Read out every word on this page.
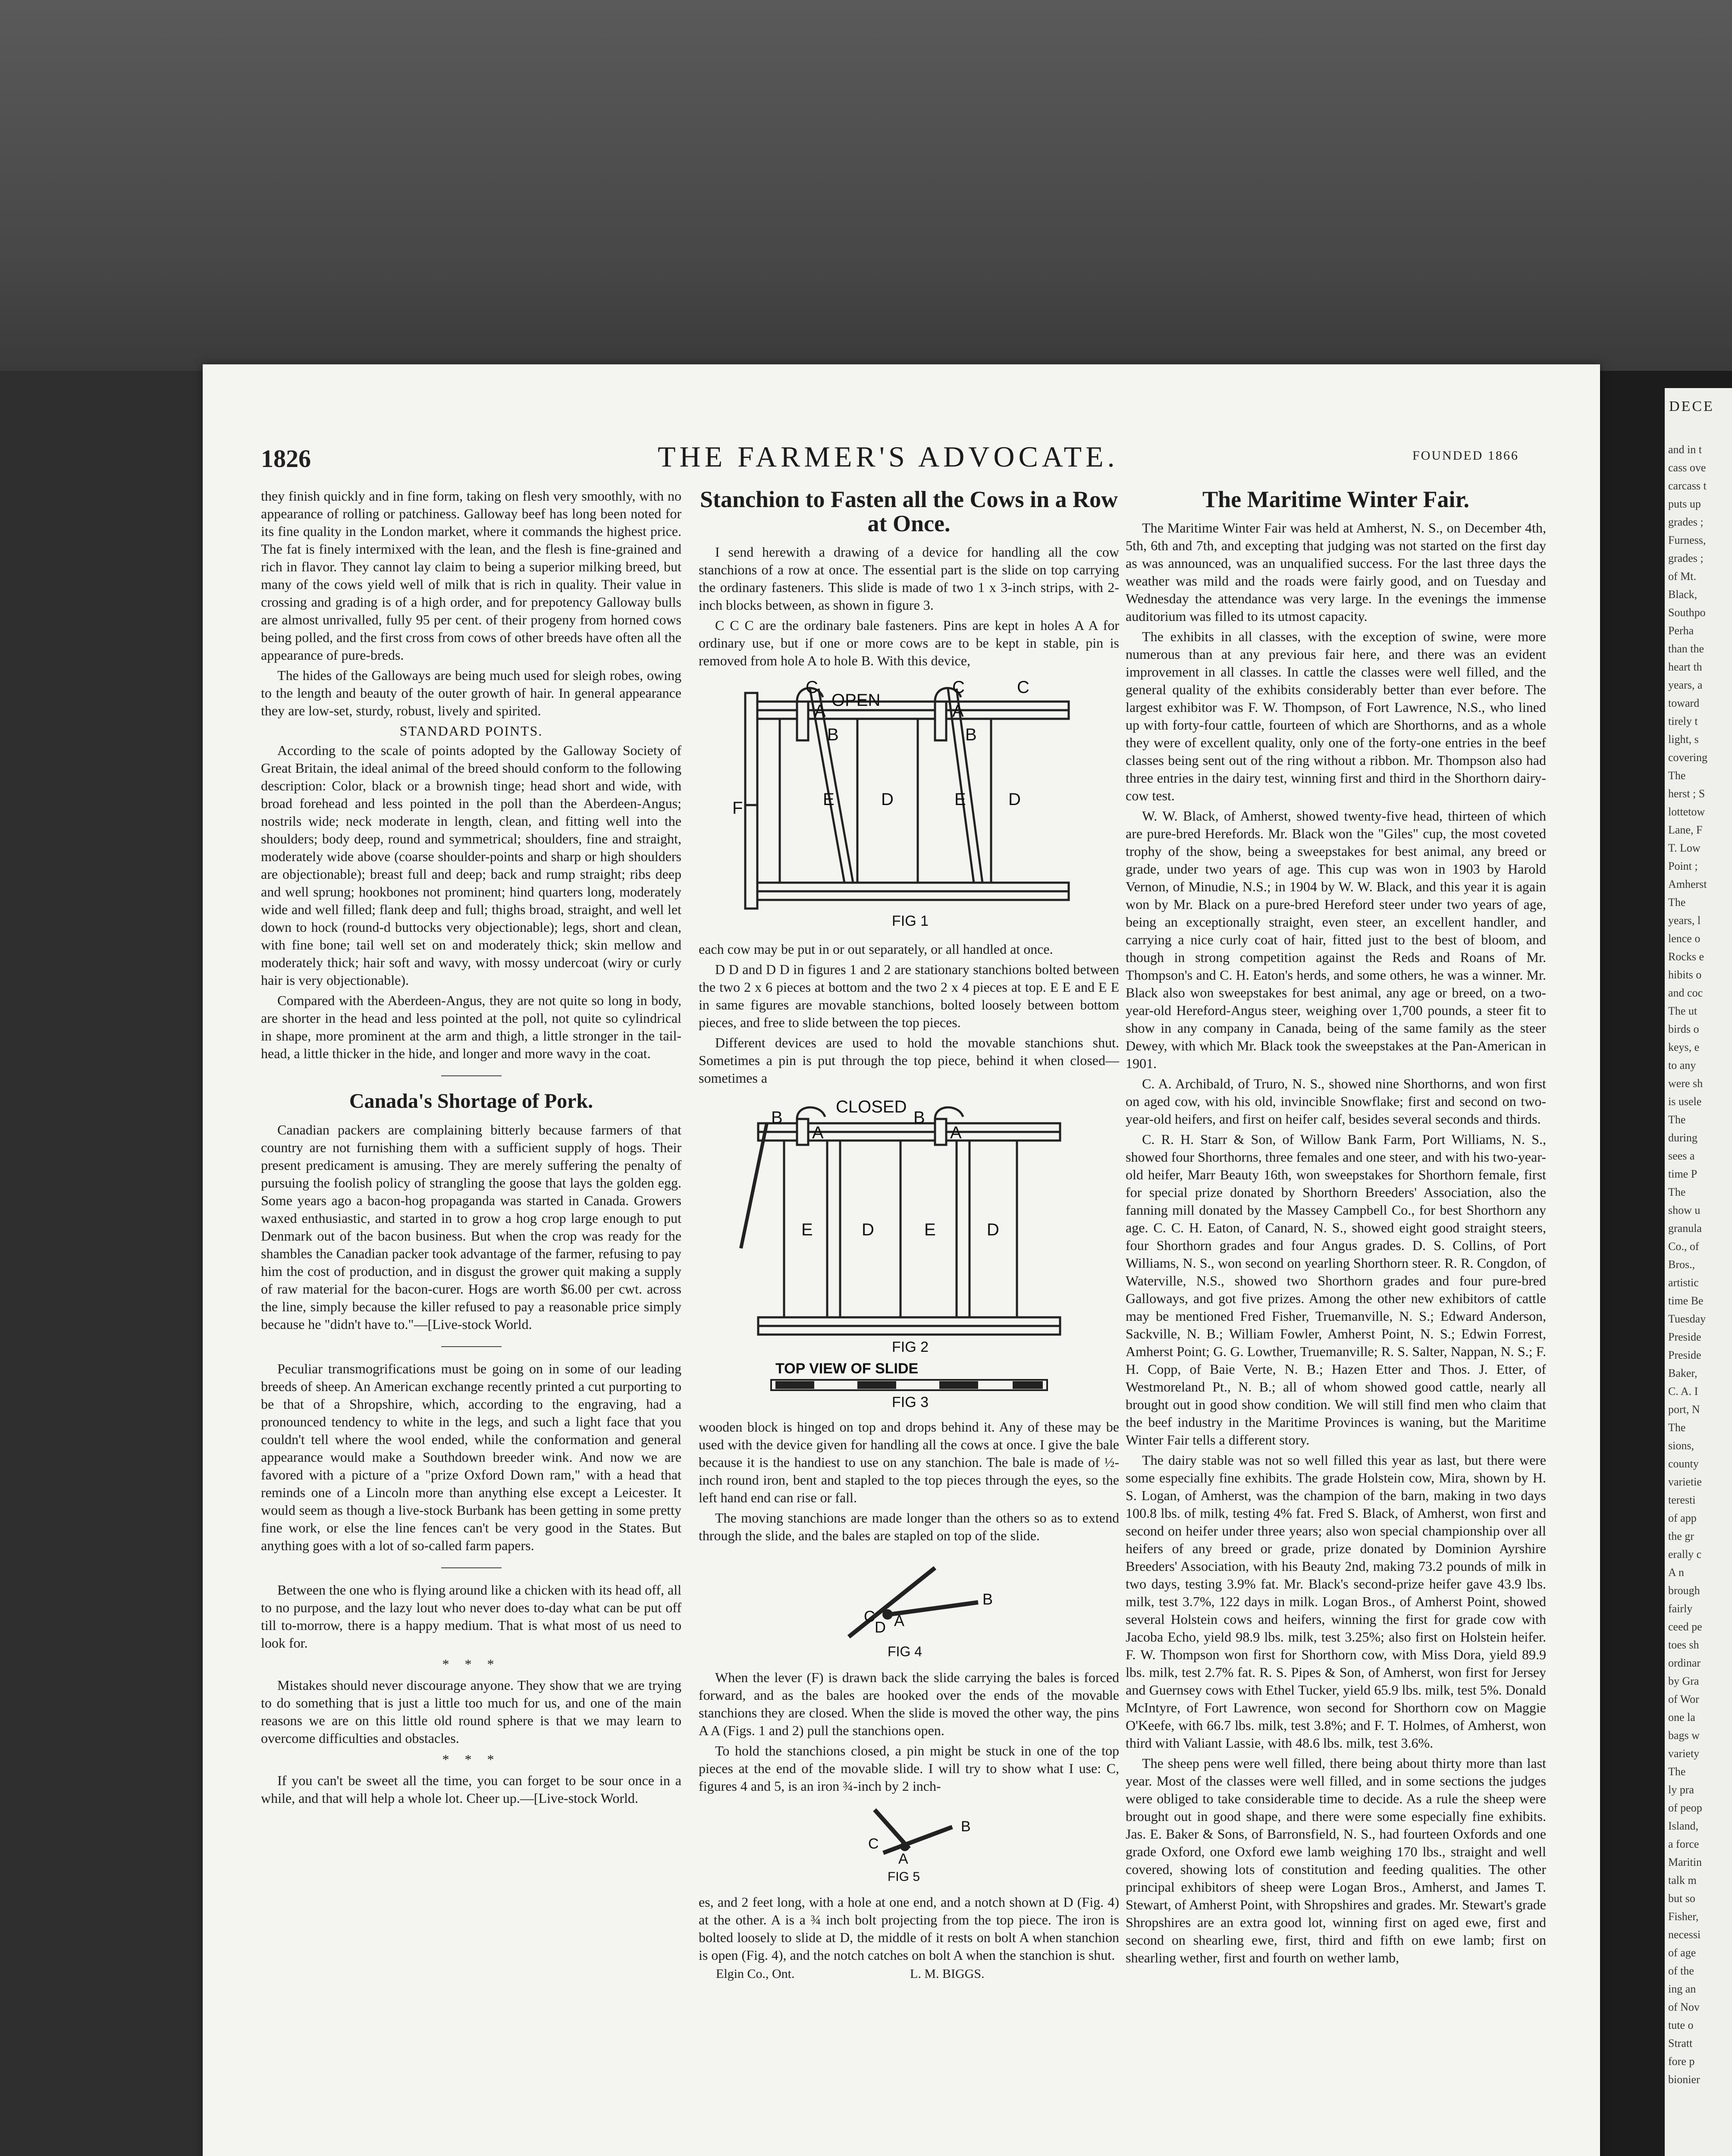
DECE
and in t
cass ove
carcass t
puts up
grades ;
Furness,
grades ;
of Mt.
Black,
Southpo
Perha
than the
heart th
years, a
toward
tirely t
light, s
covering
The
herst ; S
lottetow
Lane, F
T. Low
Point ;
Amherst
The
years, l
lence o
Rocks e
hibits o
and coc
The ut
birds o
keys, e
to any
were sh
is usele
The
during
sees a
time P
The
show u
granula
Co., of
Bros.,
artistic
time Be
Tuesday
Preside
Preside
Baker,
C. A. I
port, N
The
sions,
county
varietie
teresti
of app
the gr
erally c
A n
brough
fairly
ceed pe
toes sh
ordinar
by Gra
of Wor
one la
bags w
variety
The
ly pra
of peop
Island,
a force
Maritin
talk m
but so
Fisher,
necessi
of age
of the
ing an
of Nov
tute o
Stratt
fore p
bionier
1826	THE FARMER'S ADVOCATE.	FOUNDED 1866

they finish quickly and in fine form, taking on flesh very smoothly, with no appearance of rolling or patchiness. Galloway beef has long been noted for its fine quality in the London market, where it commands the highest price. The fat is finely intermixed with the lean, and the flesh is fine-grained and rich in flavor. They cannot lay claim to being a superior milking breed, but many of the cows yield well of milk that is rich in quality. Their value in crossing and grading is of a high order, and for prepotency Galloway bulls are almost unrivalled, fully 95 per cent. of their progeny from horned cows being polled, and the first cross from cows of other breeds have often all the appearance of pure-breds.

The hides of the Galloways are being much used for sleigh robes, owing to the length and beauty of the outer growth of hair. In general appearance they are low-set, sturdy, robust, lively and spirited.

STANDARD POINTS.

According to the scale of points adopted by the Galloway Society of Great Britain, the ideal animal of the breed should conform to the following description: Color, black or a brownish tinge; head short and wide, with broad forehead and less pointed in the poll than the Aberdeen-Angus; nostrils wide; neck moderate in length, clean, and fitting well into the shoulders; body deep, round and symmetrical; shoulders, fine and straight, moderately wide above (coarse shoulder-points and sharp or high shoulders are objectionable); breast full and deep; back and rump straight; ribs deep and well sprung; hookbones not prominent; hind quarters long, moderately wide and well filled; flank deep and full; thighs broad, straight, and well let down to hock (round-d buttocks very objectionable); legs, short and clean, with fine bone; tail well set on and moderately thick; skin mellow and moderately thick; hair soft and wavy, with mossy undercoat (wiry or curly hair is very objectionable).

Compared with the Aberdeen-Angus, they are not quite so long in body, are shorter in the head and less pointed at the poll, not quite so cylindrical in shape, more prominent at the arm and thigh, a little stronger in the tail-head, a little thicker in the hide, and longer and more wavy in the coat.

Canada's Shortage of Pork.

Canadian packers are complaining bitterly because farmers of that country are not furnishing them with a sufficient supply of hogs. Their present predicament is amusing. They are merely suffering the penalty of pursuing the foolish policy of strangling the goose that lays the golden egg. Some years ago a bacon-hog propaganda was started in Canada. Growers waxed enthusiastic, and started in to grow a hog crop large enough to put Denmark out of the bacon business. But when the crop was ready for the shambles the Canadian packer took advantage of the farmer, refusing to pay him the cost of production, and in disgust the grower quit making a supply of raw material for the bacon-curer. Hogs are worth $6.00 per cwt. across the line, simply because the killer refused to pay a reasonable price simply because he "didn't have to."—[Live-stock World.

Peculiar transmogrifications must be going on in some of our leading breeds of sheep. An American exchange recently printed a cut purporting to be that of a Shropshire, which, according to the engraving, had a pronounced tendency to white in the legs, and such a light face that you couldn't tell where the wool ended, while the conformation and general appearance would make a Southdown breeder wink. And now we are favored with a picture of a "prize Oxford Down ram," with a head that reminds one of a Lincoln more than anything else except a Leicester. It would seem as though a live-stock Burbank has been getting in some pretty fine work, or else the line fences can't be very good in the States. But anything goes with a lot of so-called farm papers.

Between the one who is flying around like a chicken with its head off, all to no purpose, and the lazy lout who never does to-day what can be put off till to-morrow, there is a happy medium. That is what most of us need to look for.

* * *

Mistakes should never discourage anyone. They show that we are trying to do something that is just a little too much for us, and one of the main reasons we are on this little old round sphere is that we may learn to overcome difficulties and obstacles.

* * *

If you can't be sweet all the time, you can forget to be sour once in a while, and that will help a whole lot. Cheer up.—[Live-stock World.

Stanchion to Fasten all the Cows in a Row at Once.

I send herewith a drawing of a device for handling all the cow stanchions of a row at once. The essential part is the slide on top carrying the ordinary fasteners. This slide is made of two 1 x 3-inch strips, with 2-inch blocks between, as shown in figure 3.

C C C are the ordinary bale fasteners. Pins are kept in holes A A for ordinary use, but if one or more cows are to be kept in stable, pin is removed from hole A to hole B. With this device,

C	C	C
A	A
B	B
E	D	E D
F
OPEN
FIG 1

each cow may be put in or out separately, or all handled at once.

D D and D D in figures 1 and 2 are stationary stanchions bolted between the two 2 x 6 pieces at bottom and the two 2 x 4 pieces at top. E E and E E in same figures are movable stanchions, bolted loosely between bottom pieces, and free to slide between the top pieces.

Different devices are used to hold the movable stanchions shut. Sometimes a pin is put through the top piece, behind it when closed—sometimes a

B
A
B
A
E	D	E	D
CLOSED
FIG 2
TOP VIEW OF SLIDE
FIG 3

wooden block is hinged on top and drops behind it. Any of these may be used with the device given for handling all the cows at once. I give the bale because it is the handiest to use on any stanchion. The bale is made of ½-inch round iron, bent and stapled to the top pieces through the eyes, so the left hand end can rise or fall.

The moving stanchions are made longer than the others so as to extend through the slide, and the bales are stapled on top of the slide.

B
C
D A
FIG 4

When the lever (F) is drawn back the slide carrying the bales is forced forward, and as the bales are hooked over the ends of the movable stanchions they are closed. When the slide is moved the other way, the pins A A (Figs. 1 and 2) pull the stanchions open.

To hold the stanchions closed, a pin might be stuck in one of the top pieces at the end of the movable slide. I will try to show what I use: C, figures 4 and 5, is an iron ¾-inch by 2 inch-

B
C
A
FIG 5

es, and 2 feet long, with a hole at one end, and a notch shown at D (Fig. 4) at the other. A is a ¾ inch bolt projecting from the top piece. The iron is bolted loosely to slide at D, the middle of it rests on bolt A when stanchion is open (Fig. 4), and the notch catches on bolt A when the stanchion is shut.

Elgin Co., Ont.	L. M. BIGGS.
The Maritime Winter Fair.

The Maritime Winter Fair was held at Amherst, N. S., on December 4th, 5th, 6th and 7th, and excepting that judging was not started on the first day as was announced, was an unqualified success. For the last three days the weather was mild and the roads were fairly good, and on Tuesday and Wednesday the attendance was very large. In the evenings the immense auditorium was filled to its utmost capacity.

The exhibits in all classes, with the exception of swine, were more numerous than at any previous fair here, and there was an evident improvement in all classes. In cattle the classes were well filled, and the general quality of the exhibits considerably better than ever before. The largest exhibitor was F. W. Thompson, of Fort Lawrence, N.S., who lined up with forty-four cattle, fourteen of which are Shorthorns, and as a whole they were of excellent quality, only one of the forty-one entries in the beef classes being sent out of the ring without a ribbon. Mr. Thompson also had three entries in the dairy test, winning first and third in the Shorthorn dairy-cow test.

W. W. Black, of Amherst, showed twenty-five head, thirteen of which are pure-bred Herefords. Mr. Black won the "Giles" cup, the most coveted trophy of the show, being a sweepstakes for best animal, any breed or grade, under two years of age. This cup was won in 1903 by Harold Vernon, of Minudie, N.S.; in 1904 by W. W. Black, and this year it is again won by Mr. Black on a pure-bred Hereford steer under two years of age, being an exceptionally straight, even steer, an excellent handler, and carrying a nice curly coat of hair, fitted just to the best of bloom, and though in strong competition against the Reds and Roans of Mr. Thompson's and C. H. Eaton's herds, and some others, he was a winner. Mr. Black also won sweepstakes for best animal, any age or breed, on a two-year-old Hereford-Angus steer, weighing over 1,700 pounds, a steer fit to show in any company in Canada, being of the same family as the steer Dewey, with which Mr. Black took the sweepstakes at the Pan-American in 1901.

C. A. Archibald, of Truro, N. S., showed nine Shorthorns, and won first on aged cow, with his old, invincible Snowflake; first and second on two-year-old heifers, and first on heifer calf, besides several seconds and thirds.

C. R. H. Starr & Son, of Willow Bank Farm, Port Williams, N. S., showed four Shorthorns, three females and one steer, and with his two-year-old heifer, Marr Beauty 16th, won sweepstakes for Shorthorn female, first for special prize donated by Shorthorn Breeders' Association, also the fanning mill donated by the Massey Campbell Co., for best Shorthorn any age. C. C. H. Eaton, of Canard, N. S., showed eight good straight steers, four Shorthorn grades and four Angus grades. D. S. Collins, of Port Williams, N. S., won second on yearling Shorthorn steer. R. R. Congdon, of Waterville, N.S., showed two Shorthorn grades and four pure-bred Galloways, and got five prizes. Among the other new exhibitors of cattle may be mentioned Fred Fisher, Truemanville, N. S.; Edward Anderson, Sackville, N. B.; William Fowler, Amherst Point, N. S.; Edwin Forrest, Amherst Point; G. G. Lowther, Truemanville; R. S. Salter, Nappan, N. S.; F. H. Copp, of Baie Verte, N. B.; Hazen Etter and Thos. J. Etter, of Westmoreland Pt., N. B.; all of whom showed good cattle, nearly all brought out in good show condition. We will still find men who claim that the beef industry in the Maritime Provinces is waning, but the Maritime Winter Fair tells a different story.

The dairy stable was not so well filled this year as last, but there were some especially fine exhibits. The grade Holstein cow, Mira, shown by H. S. Logan, of Amherst, was the champion of the barn, making in two days 100.8 lbs. of milk, testing 4% fat. Fred S. Black, of Amherst, won first and second on heifer under three years; also won special championship over all heifers of any breed or grade, prize donated by Dominion Ayrshire Breeders' Association, with his Beauty 2nd, making 73.2 pounds of milk in two days, testing 3.9% fat. Mr. Black's second-prize heifer gave 43.9 lbs. milk, test 3.7%, 122 days in milk. Logan Bros., of Amherst Point, showed several Holstein cows and heifers, winning the first for grade cow with Jacoba Echo, yield 98.9 lbs. milk, test 3.25%; also first on Holstein heifer. F. W. Thompson won first for Shorthorn cow, with Miss Dora, yield 89.9 lbs. milk, test 2.7% fat. R. S. Pipes & Son, of Amherst, won first for Jersey and Guernsey cows with Ethel Tucker, yield 65.9 lbs. milk, test 5%. Donald McIntyre, of Fort Lawrence, won second for Shorthorn cow on Maggie O'Keefe, with 66.7 lbs. milk, test 3.8%; and F. T. Holmes, of Amherst, won third with Valiant Lassie, with 48.6 lbs. milk, test 3.6%.

The sheep pens were well filled, there being about thirty more than last year. Most of the classes were well filled, and in some sections the judges were obliged to take considerable time to decide. As a rule the sheep were brought out in good shape, and there were some especially fine exhibits. Jas. E. Baker & Sons, of Barronsfield, N. S., had fourteen Oxfords and one grade Oxford, one Oxford ewe lamb weighing 170 lbs., straight and well covered, showing lots of constitution and feeding qualities. The other principal exhibitors of sheep were Logan Bros., Amherst, and James T. Stewart, of Amherst Point, with Shropshires and grades. Mr. Stewart's grade Shropshires are an extra good lot, winning first on aged ewe, first and second on shearling ewe, first, third and fifth on ewe lamb; first on shearling wether, first and fourth on wether lamb,
